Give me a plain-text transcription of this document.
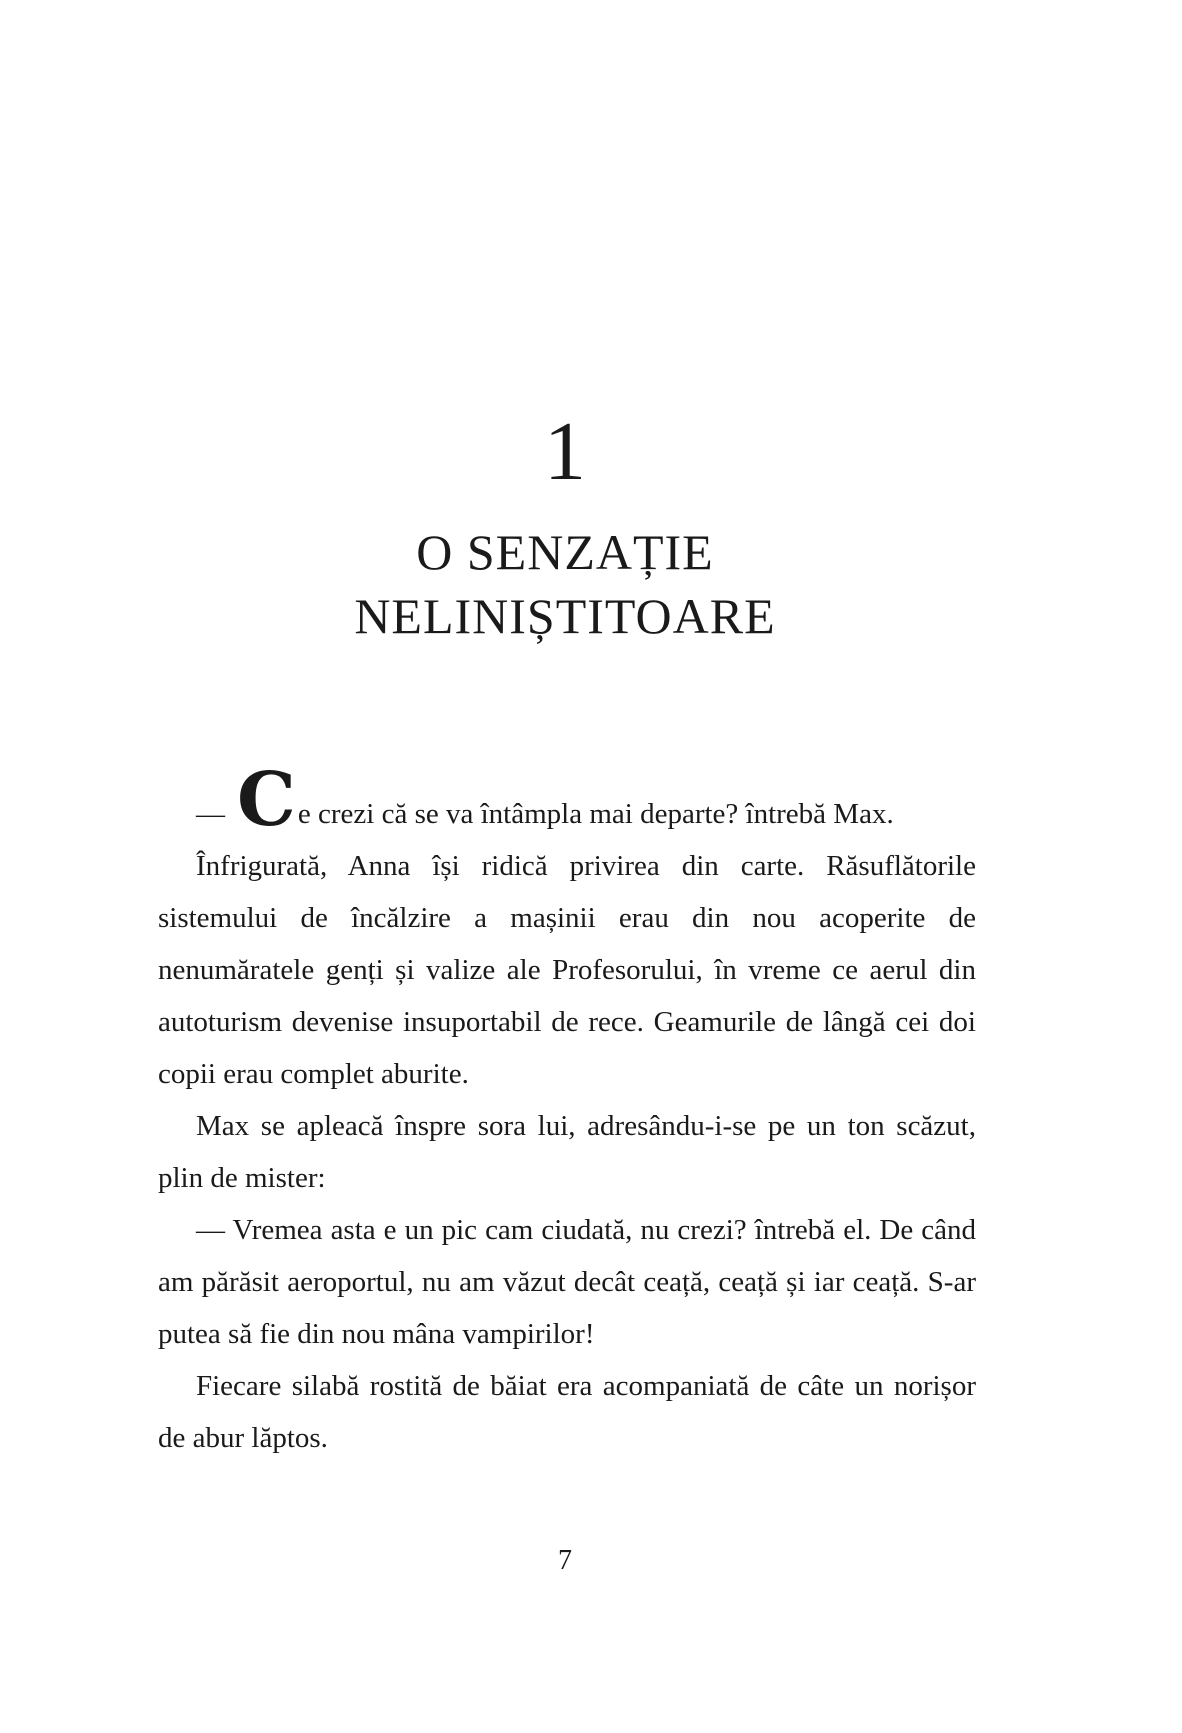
1
O SENZAȚIE
NELINIȘTITOARE

— Ce crezi că se va întâmpla mai departe? întrebă Max.

Înfrigurată, Anna își ridică privirea din carte. Răsuflătorile sistemului de încălzire a mașinii erau din nou acoperite de nenumăratele genți și valize ale Profesorului, în vreme ce aerul din autoturism devenise insuportabil de rece. Geamurile de lângă cei doi copii erau complet aburite.

Max se apleacă înspre sora lui, adresându-i-se pe un ton scăzut, plin de mister:

— Vremea asta e un pic cam ciudată, nu crezi? întrebă el. De când am părăsit aeroportul, nu am văzut decât ceață, ceață și iar ceață. S-ar putea să fie din nou mâna vampirilor!

Fiecare silabă rostită de băiat era acompaniată de câte un norișor de abur lăptos.

7
